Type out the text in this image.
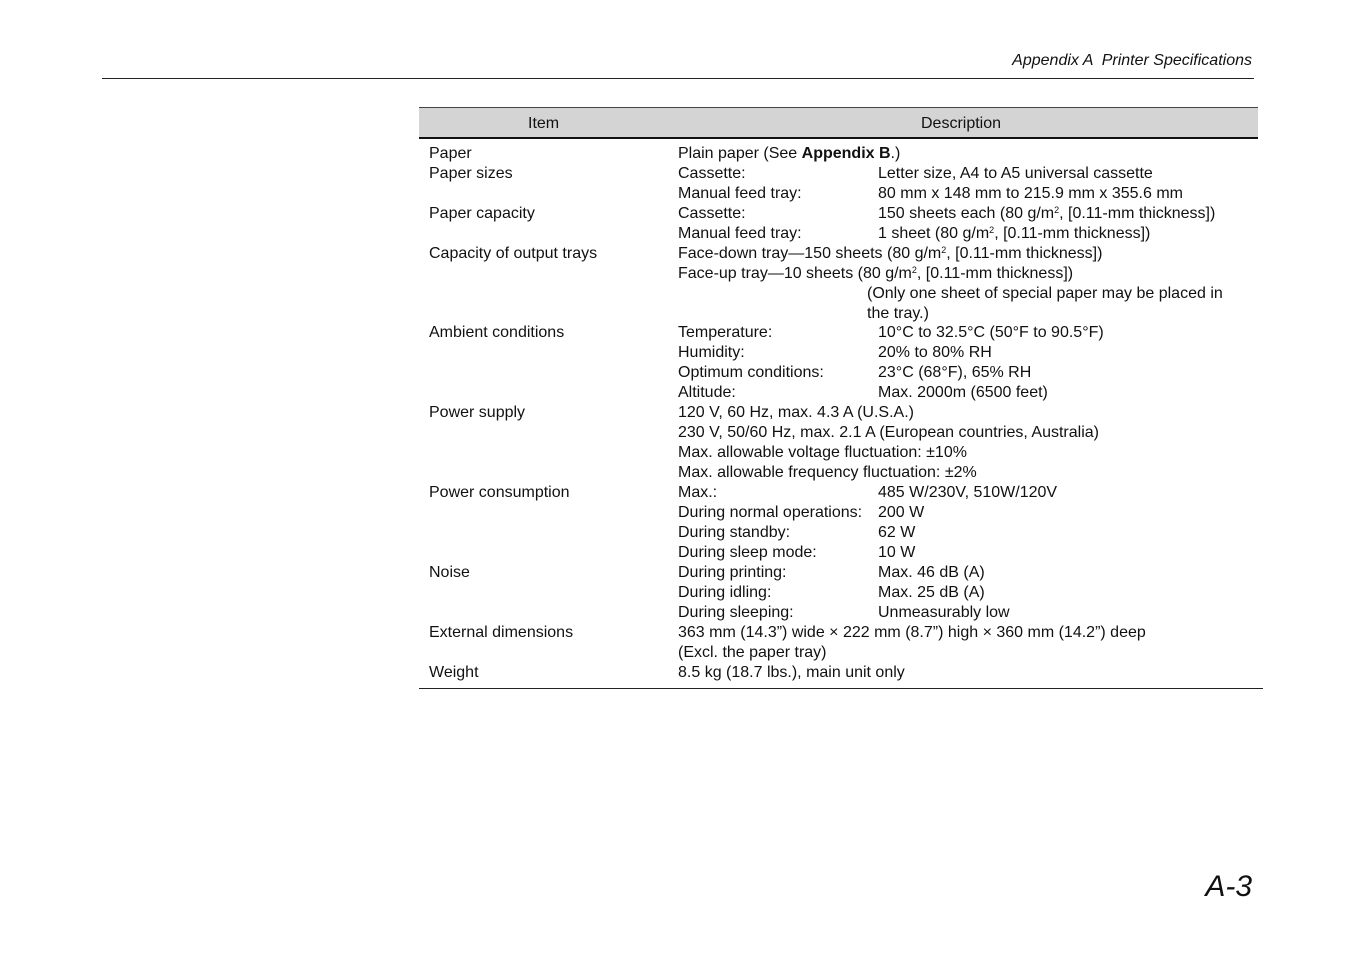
Appendix A  Printer Specifications
Item	Description
Paper	Plain paper (See Appendix B.)
Paper sizes	Cassette:	Letter size, A4 to A5 universal cassette
Manual feed tray:	80 mm x 148 mm to 215.9 mm x 355.6 mm
Paper capacity	Cassette:	150 sheets each (80 $g/m^2$, [0.11-mm thickness])
Manual feed tray:	1 sheet (80 $g/m^2$, [0.11-mm thickness])
Capacity of output trays	Face-down tray—150 sheets (80 $g/m^2$, [0.11-mm thickness])
Face-up tray—10 sheets (80 $g/m^2$, [0.11-mm thickness])
(Only one sheet of special paper may be placed in
the tray.)
Ambient conditions	Temperature:	10°C to 32.5°C (50°F to 90.5°F)
Humidity:	20% to 80% RH
Optimum conditions:	23°C (68°F), 65% RH
Altitude:	Max. 2000m (6500 feet)
Power supply	120 V, 60 Hz, max. 4.3 A (U.S.A.)
230 V, 50/60 Hz, max. 2.1 A (European countries, Australia)
Max. allowable voltage fluctuation: ±10%
Max. allowable frequency fluctuation: ±2%
Power consumption	Max.:	485 W/230V, 510W/120V
During normal operations: 200 W
During standby:	62 W
During sleep mode:	10 W
Noise	During printing:	Max. 46 dB (A)
During idling:	Max. 25 dB (A)
During sleeping:	Unmeasurably low
External dimensions	363 mm (14.3”) wide × 222 mm (8.7”) high × 360 mm (14.2”) deep
(Excl. the paper tray)
Weight	8.5 kg (18.7 lbs.), main unit only
A-3
